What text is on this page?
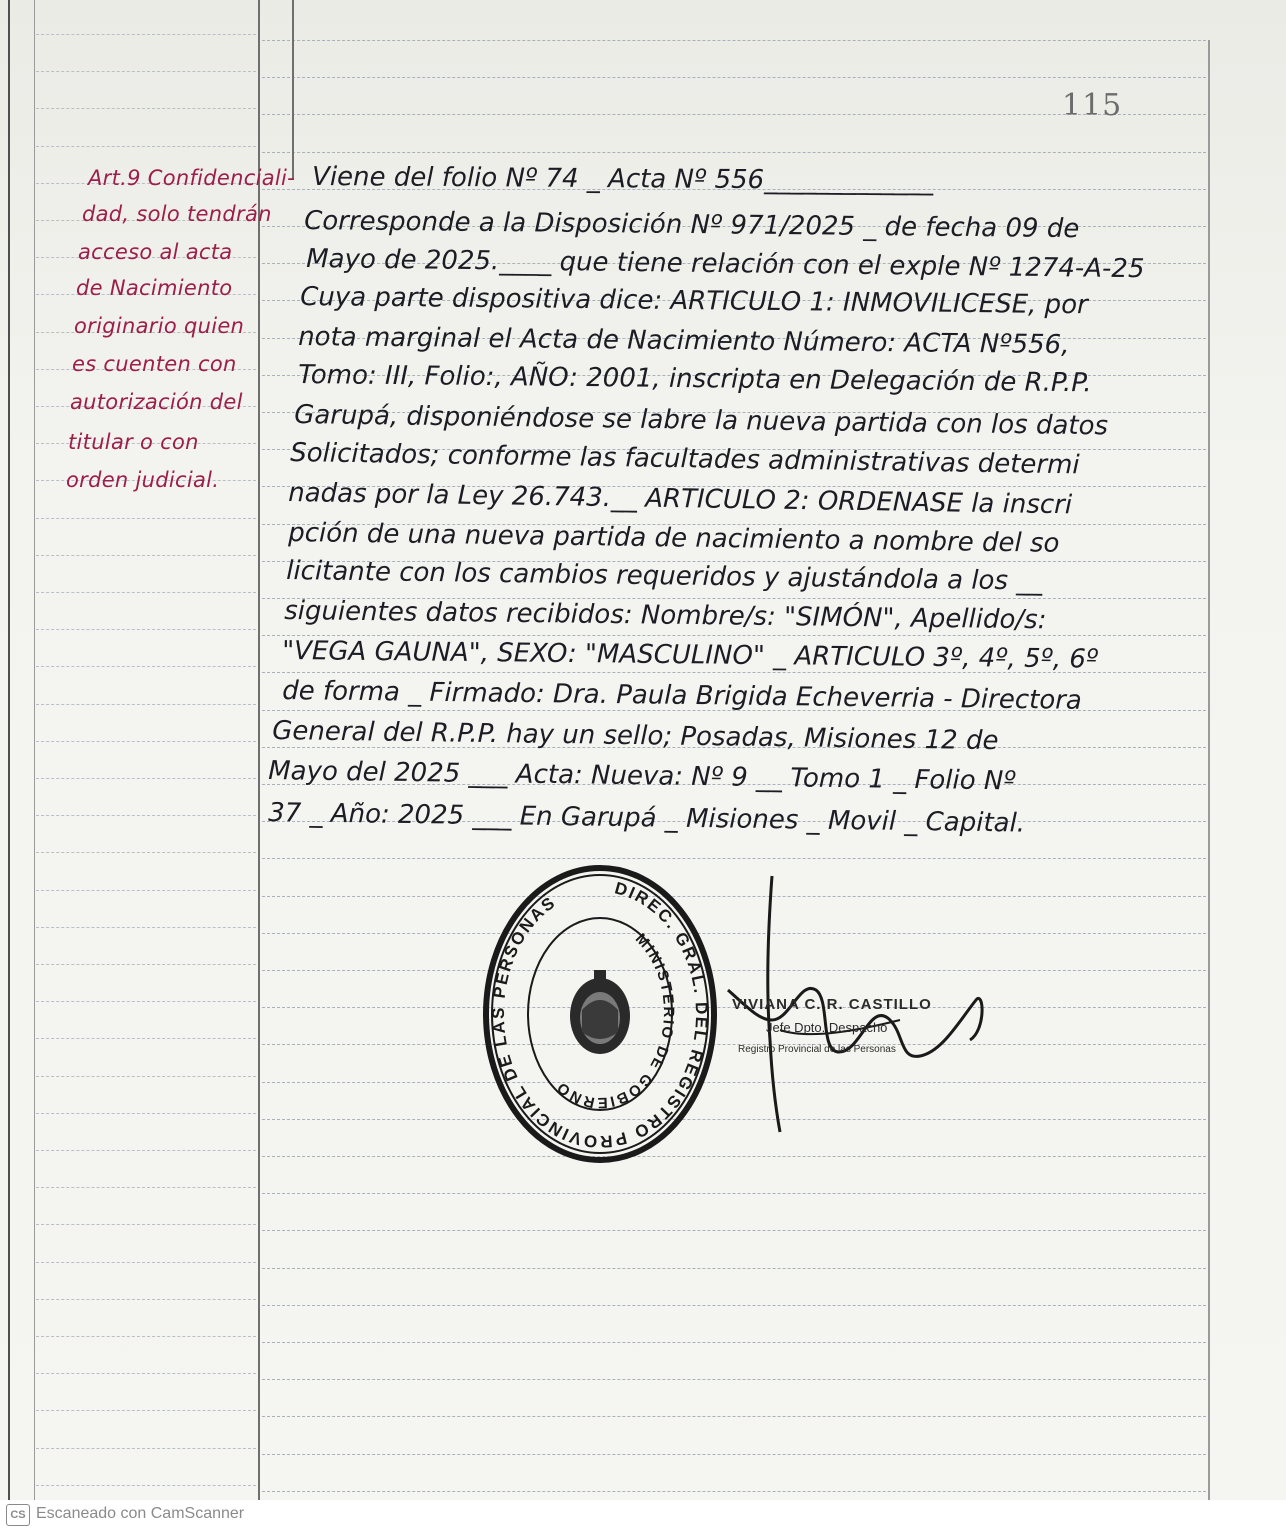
115
Art.9 Confidenciali-
dad, solo tendrán
acceso al acta
de Nacimiento
originario quien
es cuenten con
autorización del
titular o con
orden judicial.
Viene del folio Nº 74 _ Acta Nº 556_____________
Corresponde a la Disposición Nº 971/2025 _ de fecha 09 de
Mayo de 2025.____ que tiene relación con el exple Nº 1274-A-25
Cuya parte dispositiva dice: ARTICULO 1: INMOVILICESE, por
nota marginal el Acta de Nacimiento Número: ACTA Nº556,
Tomo: III, Folio:, AÑO: 2001, inscripta en Delegación de R.P.P.
Garupá, disponiéndose se labre la nueva partida con los datos
Solicitados; conforme las facultades administrativas determi
nadas por la Ley 26.743.__ ARTICULO 2: ORDENASE la inscri
pción de una nueva partida de nacimiento a nombre del so
licitante con los cambios requeridos y ajustándola a los __
siguientes datos recibidos: Nombre/s: "SIMÓN", Apellido/s:
"VEGA GAUNA", SEXO: "MASCULINO" _ ARTICULO 3º, 4º, 5º, 6º
de forma _ Firmado: Dra. Paula Brigida Echeverria - Directora
General del R.P.P. hay un sello; Posadas, Misiones 12 de
Mayo del 2025 ___ Acta: Nueva: Nº 9 __ Tomo 1 _ Folio Nº
37 _ Año: 2025 ___ En Garupá _ Misiones _ Movil _ Capital.
DIREC. GRAL. DEL REGISTRO PROVINCIAL DE LAS PERSONAS
MINISTERIO DE GOBIERNO
VIVIANA C. R. CASTILLO
Jefe Dpto. Despacho
Registro Provincial de las Personas
CS Escaneado con CamScanner
